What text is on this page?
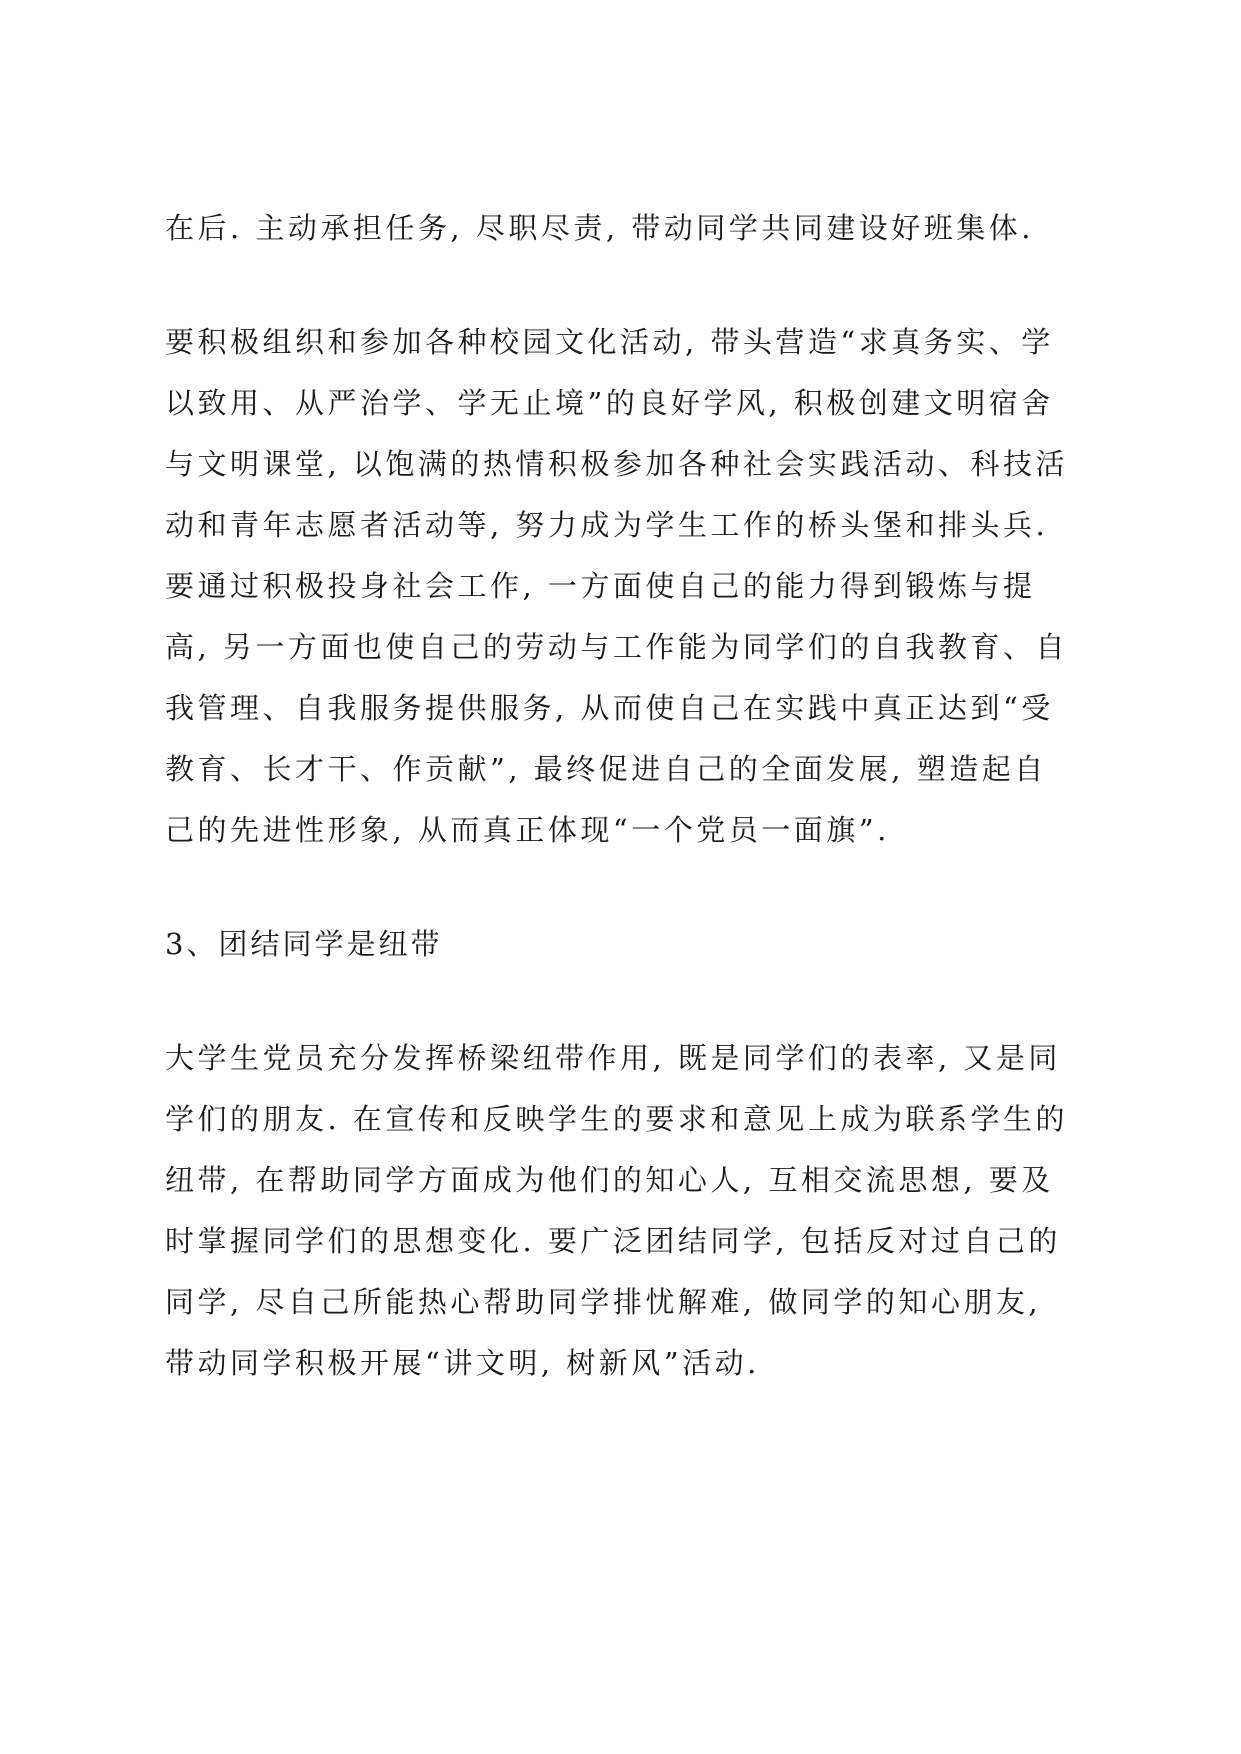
在后. 主动承担任务, 尽职尽责, 带动同学共同建设好班集体.

要积极组织和参加各种校园文化活动, 带头营造“求真务实、学

以致用、从严治学、学无止境”的良好学风, 积极创建文明宿舍

与文明课堂, 以饱满的热情积极参加各种社会实践活动、科技活

动和青年志愿者活动等, 努力成为学生工作的桥头堡和排头兵.

要通过积极投身社会工作, 一方面使自己的能力得到锻炼与提

高, 另一方面也使自己的劳动与工作能为同学们的自我教育、自

我管理、自我服务提供服务, 从而使自己在实践中真正达到“受

教育、长才干、作贡献”, 最终促进自己的全面发展, 塑造起自

己的先进性形象, 从而真正体现“一个党员一面旗”.

3、团结同学是纽带

大学生党员充分发挥桥梁纽带作用, 既是同学们的表率, 又是同

学们的朋友. 在宣传和反映学生的要求和意见上成为联系学生的

纽带, 在帮助同学方面成为他们的知心人, 互相交流思想, 要及

时掌握同学们的思想变化. 要广泛团结同学, 包括反对过自己的

同学, 尽自己所能热心帮助同学排忧解难, 做同学的知心朋友,

带动同学积极开展“讲文明, 树新风”活动.
